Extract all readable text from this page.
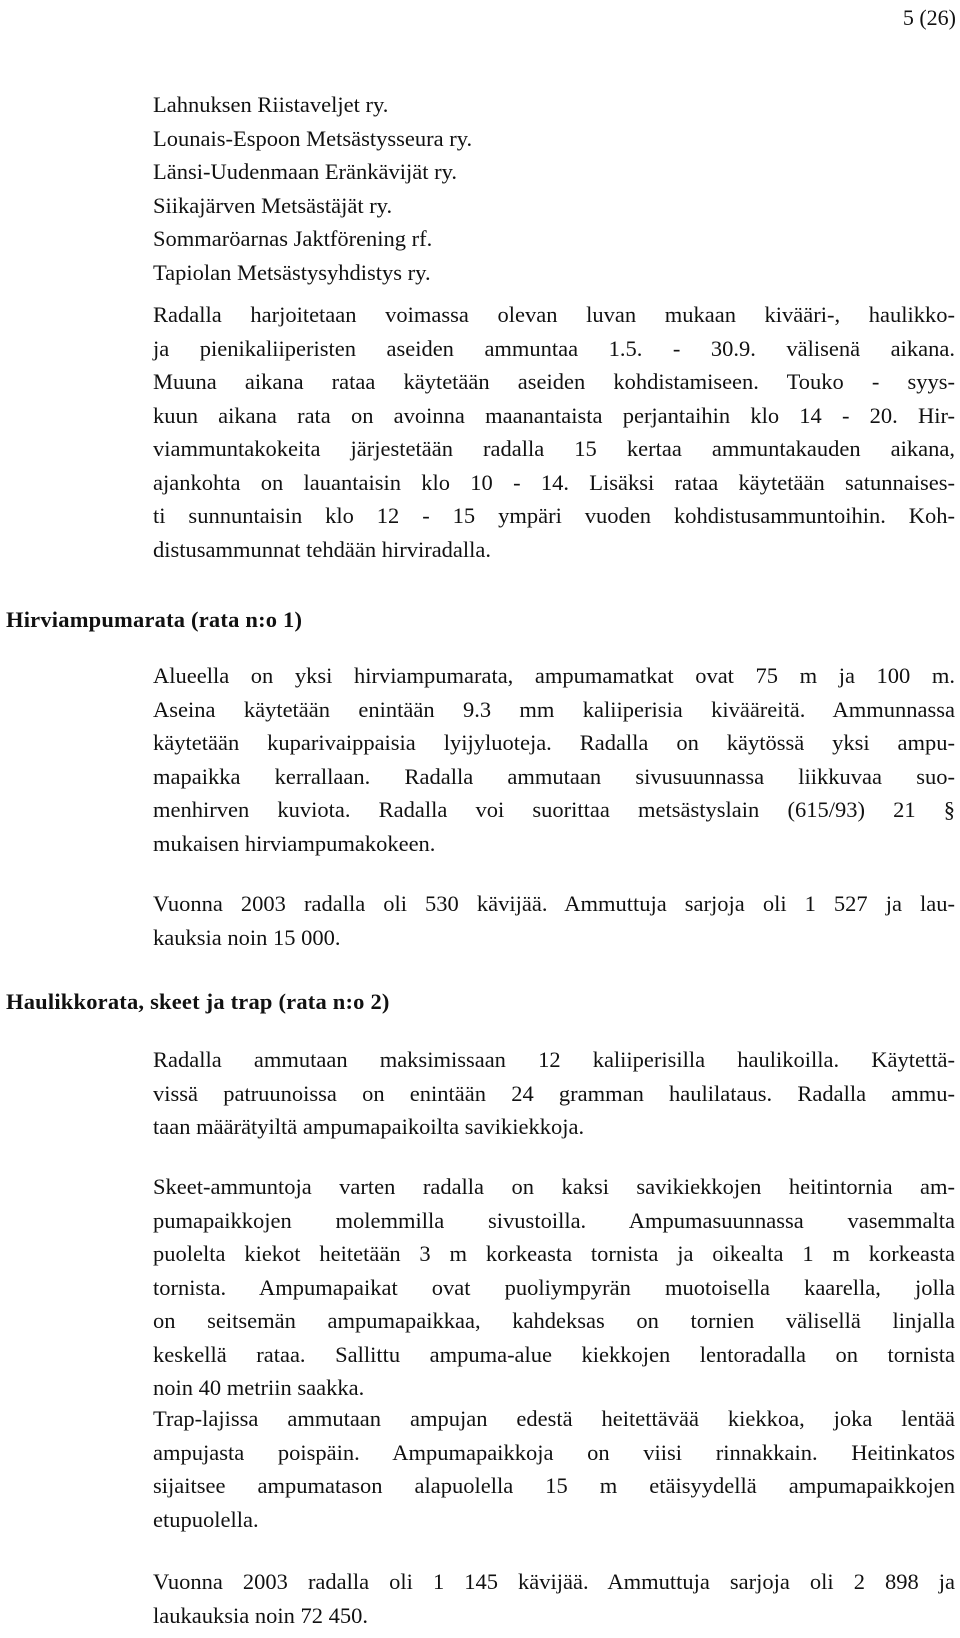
5 (26)
Lahnuksen Riistaveljet ry.
Lounais-Espoon Metsästysseura ry.
Länsi-Uudenmaan Eränkävijät ry.
Siikajärven Metsästäjät ry.
Sommaröarnas Jaktförening rf.
Tapiolan Metsästysyhdistys ry.
Radalla harjoitetaan voimassa olevan luvan mukaan kivääri-, haulikko-
ja pienikaliiperisten aseiden ammuntaa 1.5. - 30.9. välisenä aikana.
Muuna aikana rataa käytetään aseiden kohdistamiseen. Touko - syys-
kuun aikana rata on avoinna maanantaista perjantaihin klo 14 - 20. Hir-
viammuntakokeita järjestetään radalla 15 kertaa ammuntakauden aikana,
ajankohta on lauantaisin klo 10 - 14. Lisäksi rataa käytetään satunnaises-
ti sunnuntaisin klo 12 - 15 ympäri vuoden kohdistusammuntoihin. Koh-
distusammunnat tehdään hirviradalla.
Hirviampumarata (rata n:o 1)
Alueella on yksi hirviampumarata, ampumamatkat ovat 75 m ja 100 m.
Aseina käytetään enintään 9.3 mm kaliiperisia kivääreitä. Ammunnassa
käytetään kuparivaippaisia lyijyluoteja. Radalla on käytössä yksi ampu-
mapaikka kerrallaan. Radalla ammutaan sivusuunnassa liikkuvaa suo-
menhirven kuviota. Radalla voi suorittaa metsästyslain (615/93) 21 §
mukaisen hirviampumakokeen.
Vuonna 2003 radalla oli 530 kävijää. Ammuttuja sarjoja oli 1 527 ja lau-
kauksia noin 15 000.
Haulikkorata, skeet ja trap (rata n:o 2)
Radalla ammutaan maksimissaan 12 kaliiperisilla haulikoilla. Käytettä-
vissä patruunoissa on enintään 24 gramman haulilataus. Radalla ammu-
taan määrätyiltä ampumapaikoilta savikiekkoja.
Skeet-ammuntoja varten radalla on kaksi savikiekkojen heitintornia am-
pumapaikkojen molemmilla sivustoilla. Ampumasuunnassa vasemmalta
puolelta kiekot heitetään 3 m korkeasta tornista ja oikealta 1 m korkeasta
tornista. Ampumapaikat ovat puoliympyrän muotoisella kaarella, jolla
on seitsemän ampumapaikkaa, kahdeksas on tornien välisellä linjalla
keskellä rataa. Sallittu ampuma-alue kiekkojen lentoradalla on tornista
noin 40 metriin saakka.
Trap-lajissa ammutaan ampujan edestä heitettävää kiekkoa, joka lentää
ampujasta poispäin. Ampumapaikkoja on viisi rinnakkain. Heitinkatos
sijaitsee ampumatason alapuolella 15 m etäisyydellä ampumapaikkojen
etupuolella.
Vuonna 2003 radalla oli 1 145 kävijää. Ammuttuja sarjoja oli 2 898 ja
laukauksia noin 72 450.
